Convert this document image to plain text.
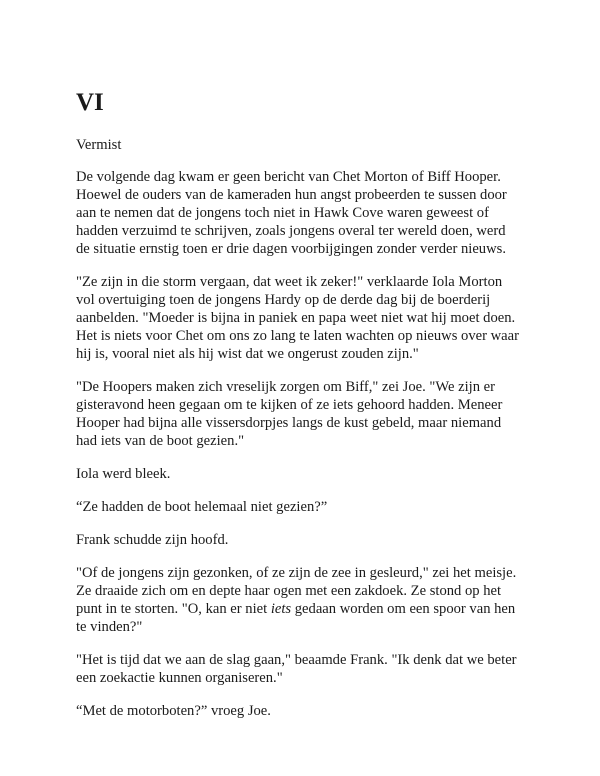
VI
Vermist

De volgende dag kwam er geen bericht van Chet Morton of Biff Hooper.
Hoewel de ouders van de kameraden hun angst probeerden te sussen door
aan te nemen dat de jongens toch niet in Hawk Cove waren geweest of
hadden verzuimd te schrijven, zoals jongens overal ter wereld doen, werd
de situatie ernstig toen er drie dagen voorbijgingen zonder verder nieuws.

"Ze zijn in die storm vergaan, dat weet ik zeker!" verklaarde Iola Morton
vol overtuiging toen de jongens Hardy op de derde dag bij de boerderij
aanbelden. "Moeder is bijna in paniek en papa weet niet wat hij moet doen.
Het is niets voor Chet om ons zo lang te laten wachten op nieuws over waar
hij is, vooral niet als hij wist dat we ongerust zouden zijn."

"De Hoopers maken zich vreselijk zorgen om Biff," zei Joe. "We zijn er
gisteravond heen gegaan om te kijken of ze iets gehoord hadden. Meneer
Hooper had bijna alle vissersdorpjes langs de kust gebeld, maar niemand
had iets van de boot gezien."

Iola werd bleek.

“Ze hadden de boot helemaal niet gezien?”

Frank schudde zijn hoofd.

"Of de jongens zijn gezonken, of ze zijn de zee in gesleurd," zei het meisje.
Ze draaide zich om en depte haar ogen met een zakdoek. Ze stond op het
punt in te storten. "O, kan er niet iets gedaan worden om een spoor van hen
te vinden?"

"Het is tijd dat we aan de slag gaan," beaamde Frank. "Ik denk dat we beter
een zoekactie kunnen organiseren."

“Met de motorboten?” vroeg Joe.
